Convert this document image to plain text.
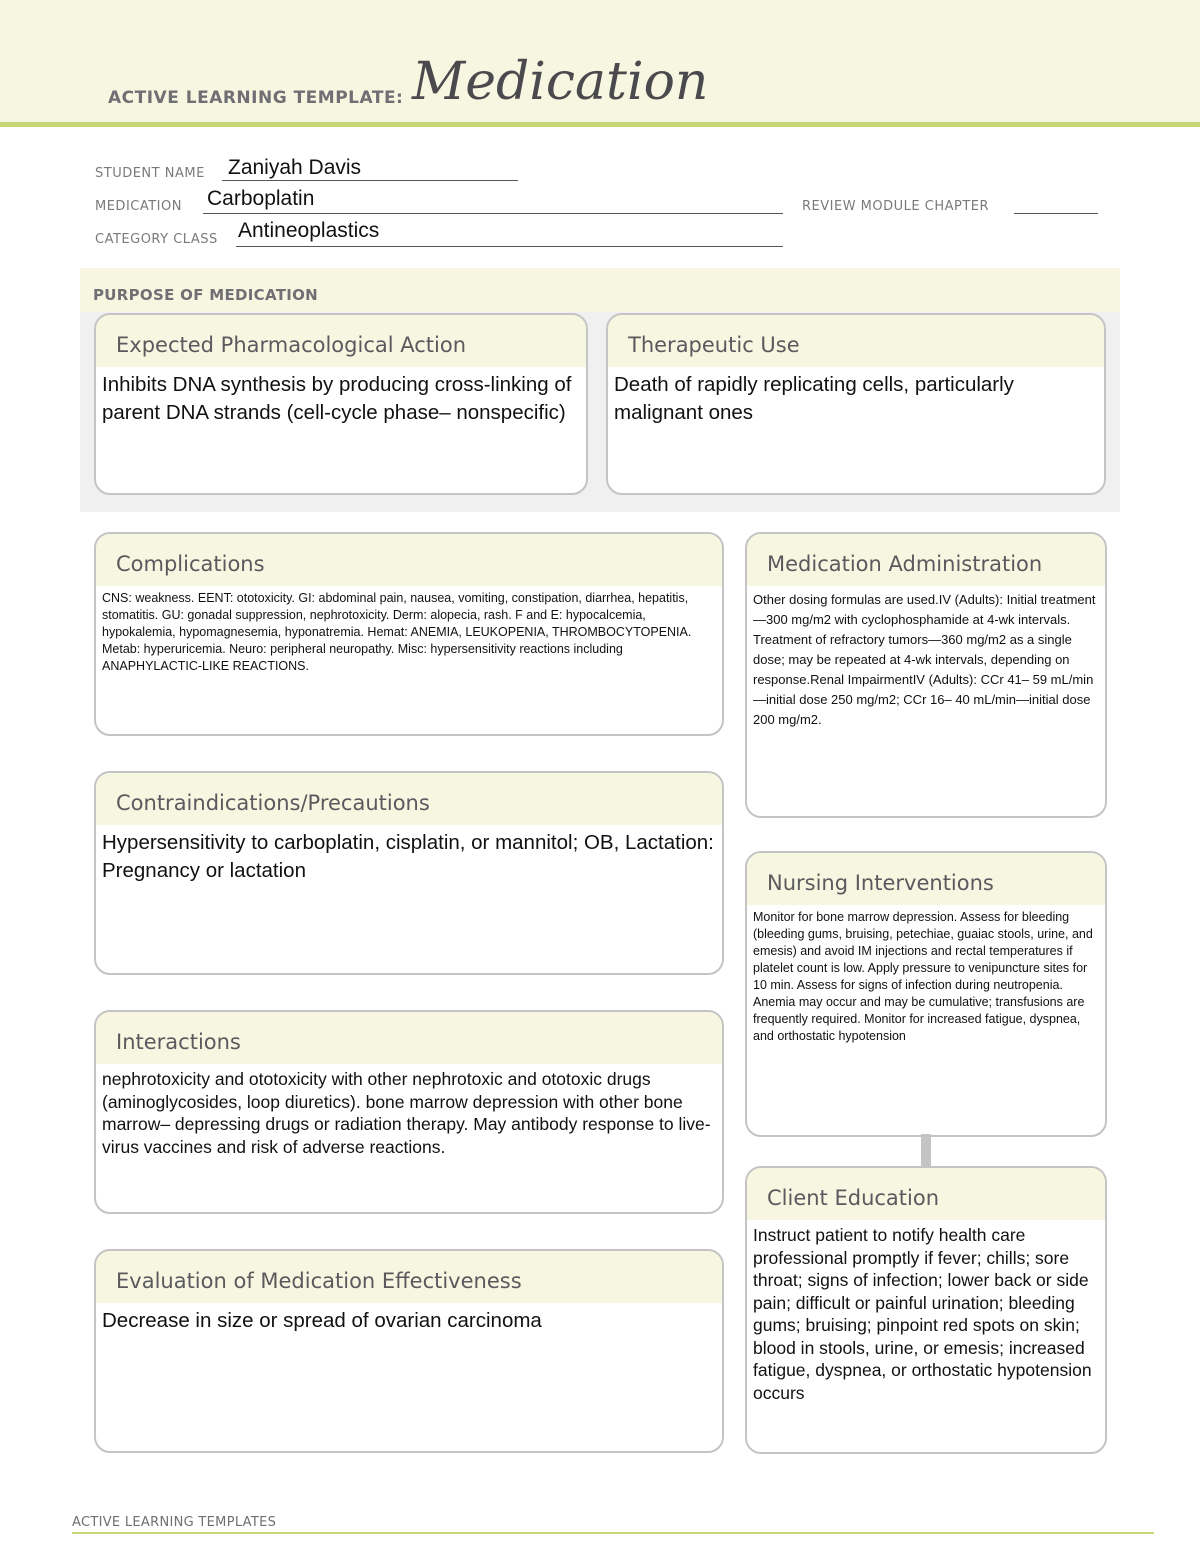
ACTIVE LEARNING TEMPLATE: Medication
STUDENT NAME Zaniyah Davis
MEDICATION Carboplatin	REVIEW MODULE CHAPTER
CATEGORY CLASS Antineoplastics
PURPOSE OF MEDICATION
Expected Pharmacological Action
Inhibits DNA synthesis by producing cross-linking of parent DNA strands (cell-cycle phase– nonspecific)
Therapeutic Use
Death of rapidly replicating cells, particularly malignant ones
Complications
CNS: weakness. EENT: ototoxicity. GI: abdominal pain, nausea, vomiting, constipation, diarrhea, hepatitis, stomatitis. GU: gonadal suppression, nephrotoxicity. Derm: alopecia, rash. F and E: hypocalcemia, hypokalemia, hypomagnesemia, hyponatremia. Hemat: ANEMIA, LEUKOPENIA, THROMBOCYTOPENIA. Metab: hyperuricemia. Neuro: peripheral neuropathy. Misc: hypersensitivity reactions including ANAPHYLACTIC-LIKE REACTIONS.
Contraindications/Precautions
Hypersensitivity to carboplatin, cisplatin, or mannitol; OB, Lactation: Pregnancy or lactation
Interactions
nephrotoxicity and ototoxicity with other nephrotoxic and ototoxic drugs (aminoglycosides, loop diuretics). bone marrow depression with other bone marrow– depressing drugs or radiation therapy. May antibody response to live-virus vaccines and risk of adverse reactions.
Evaluation of Medication Effectiveness
Decrease in size or spread of ovarian carcinoma
Medication Administration
Other dosing formulas are used.IV (Adults): Initial treatment—300 mg/m2 with cyclophosphamide at 4-wk intervals. Treatment of refractory tumors—360 mg/m2 as a single dose; may be repeated at 4-wk intervals, depending on response.Renal ImpairmentIV (Adults): CCr 41– 59 mL/min—initial dose 250 mg/m2; CCr 16– 40 mL/min—initial dose 200 mg/m2.
Nursing Interventions
Monitor for bone marrow depression. Assess for bleeding (bleeding gums, bruising, petechiae, guaiac stools, urine, and emesis) and avoid IM injections and rectal temperatures if platelet count is low. Apply pressure to venipuncture sites for 10 min. Assess for signs of infection during neutropenia. Anemia may occur and may be cumulative; transfusions are frequently required. Monitor for increased fatigue, dyspnea, and orthostatic hypotension
Client Education
Instruct patient to notify health care professional promptly if fever; chills; sore throat; signs of infection; lower back or side pain; difficult or painful urination; bleeding gums; bruising; pinpoint red spots on skin; blood in stools, urine, or emesis; increased fatigue, dyspnea, or orthostatic hypotension occurs
ACTIVE LEARNING TEMPLATES
